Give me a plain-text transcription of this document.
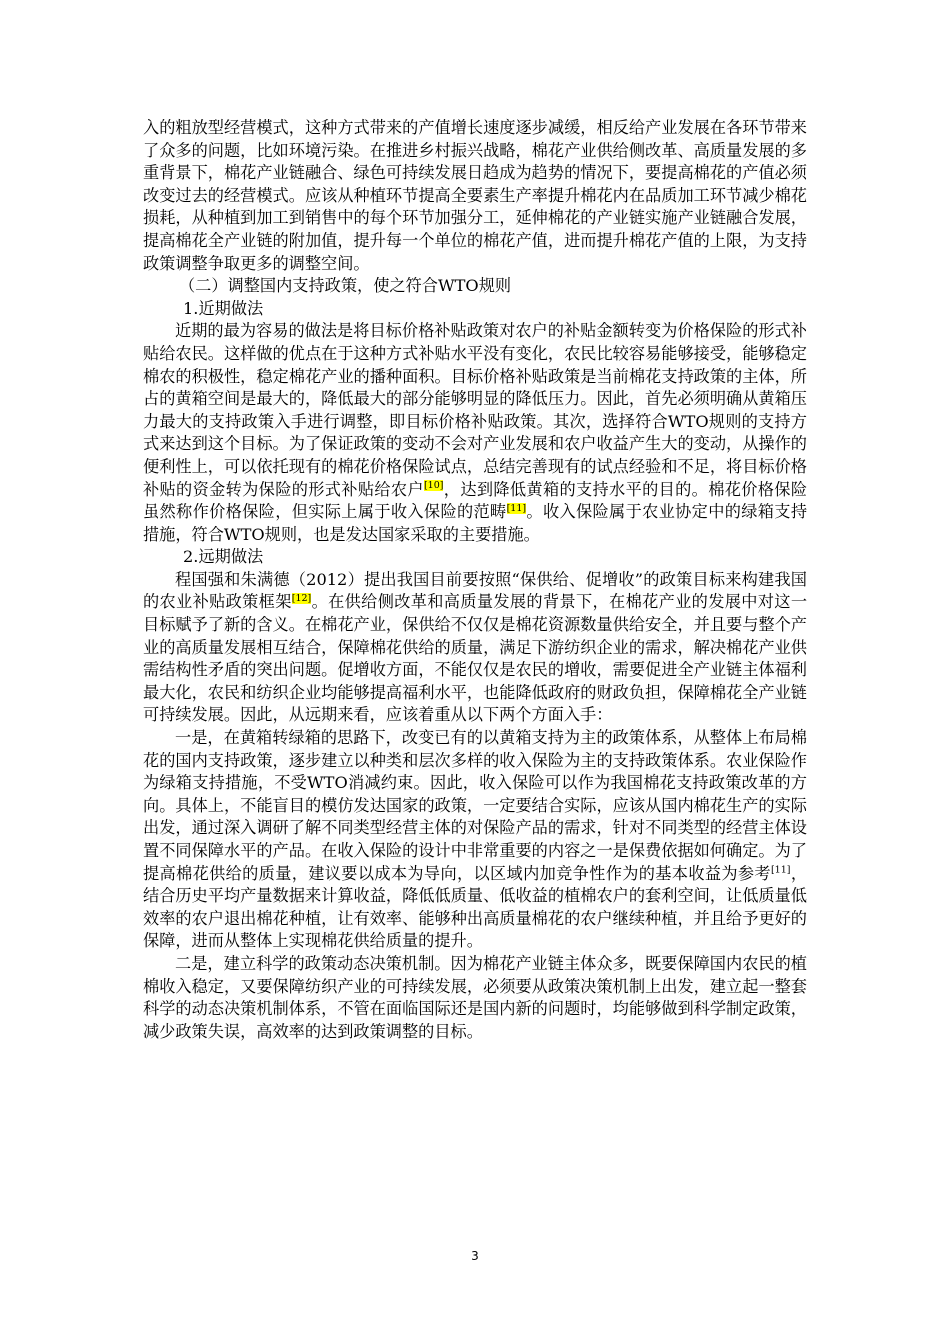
入的粗放型经营模式，这种方式带来的产值增长速度逐步减缓，相反给产业发展在各环节带来了众多的问题，比如环境污染。在推进乡村振兴战略，棉花产业供给侧改革、高质量发展的多重背景下，棉花产业链融合、绿色可持续发展日趋成为趋势的情况下，要提高棉花的产值必须改变过去的经营模式。应该从种植环节提高全要素生产率提升棉花内在品质加工环节减少棉花损耗，从种植到加工到销售中的每个环节加强分工，延伸棉花的产业链实施产业链融合发展，提高棉花全产业链的附加值，提升每一个单位的棉花产值，进而提升棉花产值的上限，为支持政策调整争取更多的调整空间。

（二）调整国内支持政策，使之符合WTO规则

1.近期做法

近期的最为容易的做法是将目标价格补贴政策对农户的补贴金额转变为价格保险的形式补贴给农民。这样做的优点在于这种方式补贴水平没有变化，农民比较容易能够接受，能够稳定棉农的积极性，稳定棉花产业的播种面积。目标价格补贴政策是当前棉花支持政策的主体，所占的黄箱空间是最大的，降低最大的部分能够明显的降低压力。因此，首先必须明确从黄箱压力最大的支持政策入手进行调整，即目标价格补贴政策。其次，选择符合WTO规则的支持方式来达到这个目标。为了保证政策的变动不会对产业发展和农户收益产生大的变动，从操作的便利性上，可以依托现有的棉花价格保险试点，总结完善现有的试点经验和不足，将目标价格补贴的资金转为保险的形式补贴给农户[10]，达到降低黄箱的支持水平的目的。棉花价格保险虽然称作价格保险，但实际上属于收入保险的范畴[11]。收入保险属于农业协定中的绿箱支持措施，符合WTO规则，也是发达国家采取的主要措施。

2.远期做法

程国强和朱满德（2012）提出我国目前要按照“保供给、促增收”的政策目标来构建我国的农业补贴政策框架[12]。在供给侧改革和高质量发展的背景下，在棉花产业的发展中对这一目标赋予了新的含义。在棉花产业，保供给不仅仅是棉花资源数量供给安全，并且要与整个产业的高质量发展相互结合，保障棉花供给的质量，满足下游纺织企业的需求，解决棉花产业供需结构性矛盾的突出问题。促增收方面，不能仅仅是农民的增收，需要促进全产业链主体福利最大化，农民和纺织企业均能够提高福利水平，也能降低政府的财政负担，保障棉花全产业链可持续发展。因此，从远期来看，应该着重从以下两个方面入手：

一是，在黄箱转绿箱的思路下，改变已有的以黄箱支持为主的政策体系，从整体上布局棉花的国内支持政策，逐步建立以种类和层次多样的收入保险为主的支持政策体系。农业保险作为绿箱支持措施，不受WTO消减约束。因此，收入保险可以作为我国棉花支持政策改革的方向。具体上，不能盲目的模仿发达国家的政策，一定要结合实际，应该从国内棉花生产的实际出发，通过深入调研了解不同类型经营主体的对保险产品的需求，针对不同类型的经营主体设置不同保障水平的产品。在收入保险的设计中非常重要的内容之一是保费依据如何确定。为了提高棉花供给的质量，建议要以成本为导向，以区域内加竞争性作为的基本收益为参考[11]，结合历史平均产量数据来计算收益，降低低质量、低收益的植棉农户的套利空间，让低质量低效率的农户退出棉花种植，让有效率、能够种出高质量棉花的农户继续种植，并且给予更好的保障，进而从整体上实现棉花供给质量的提升。

二是，建立科学的政策动态决策机制。因为棉花产业链主体众多，既要保障国内农民的植棉收入稳定，又要保障纺织产业的可持续发展，必须要从政策决策机制上出发，建立起一整套科学的动态决策机制体系，不管在面临国际还是国内新的问题时，均能够做到科学制定政策，减少政策失误，高效率的达到政策调整的目标。

3
